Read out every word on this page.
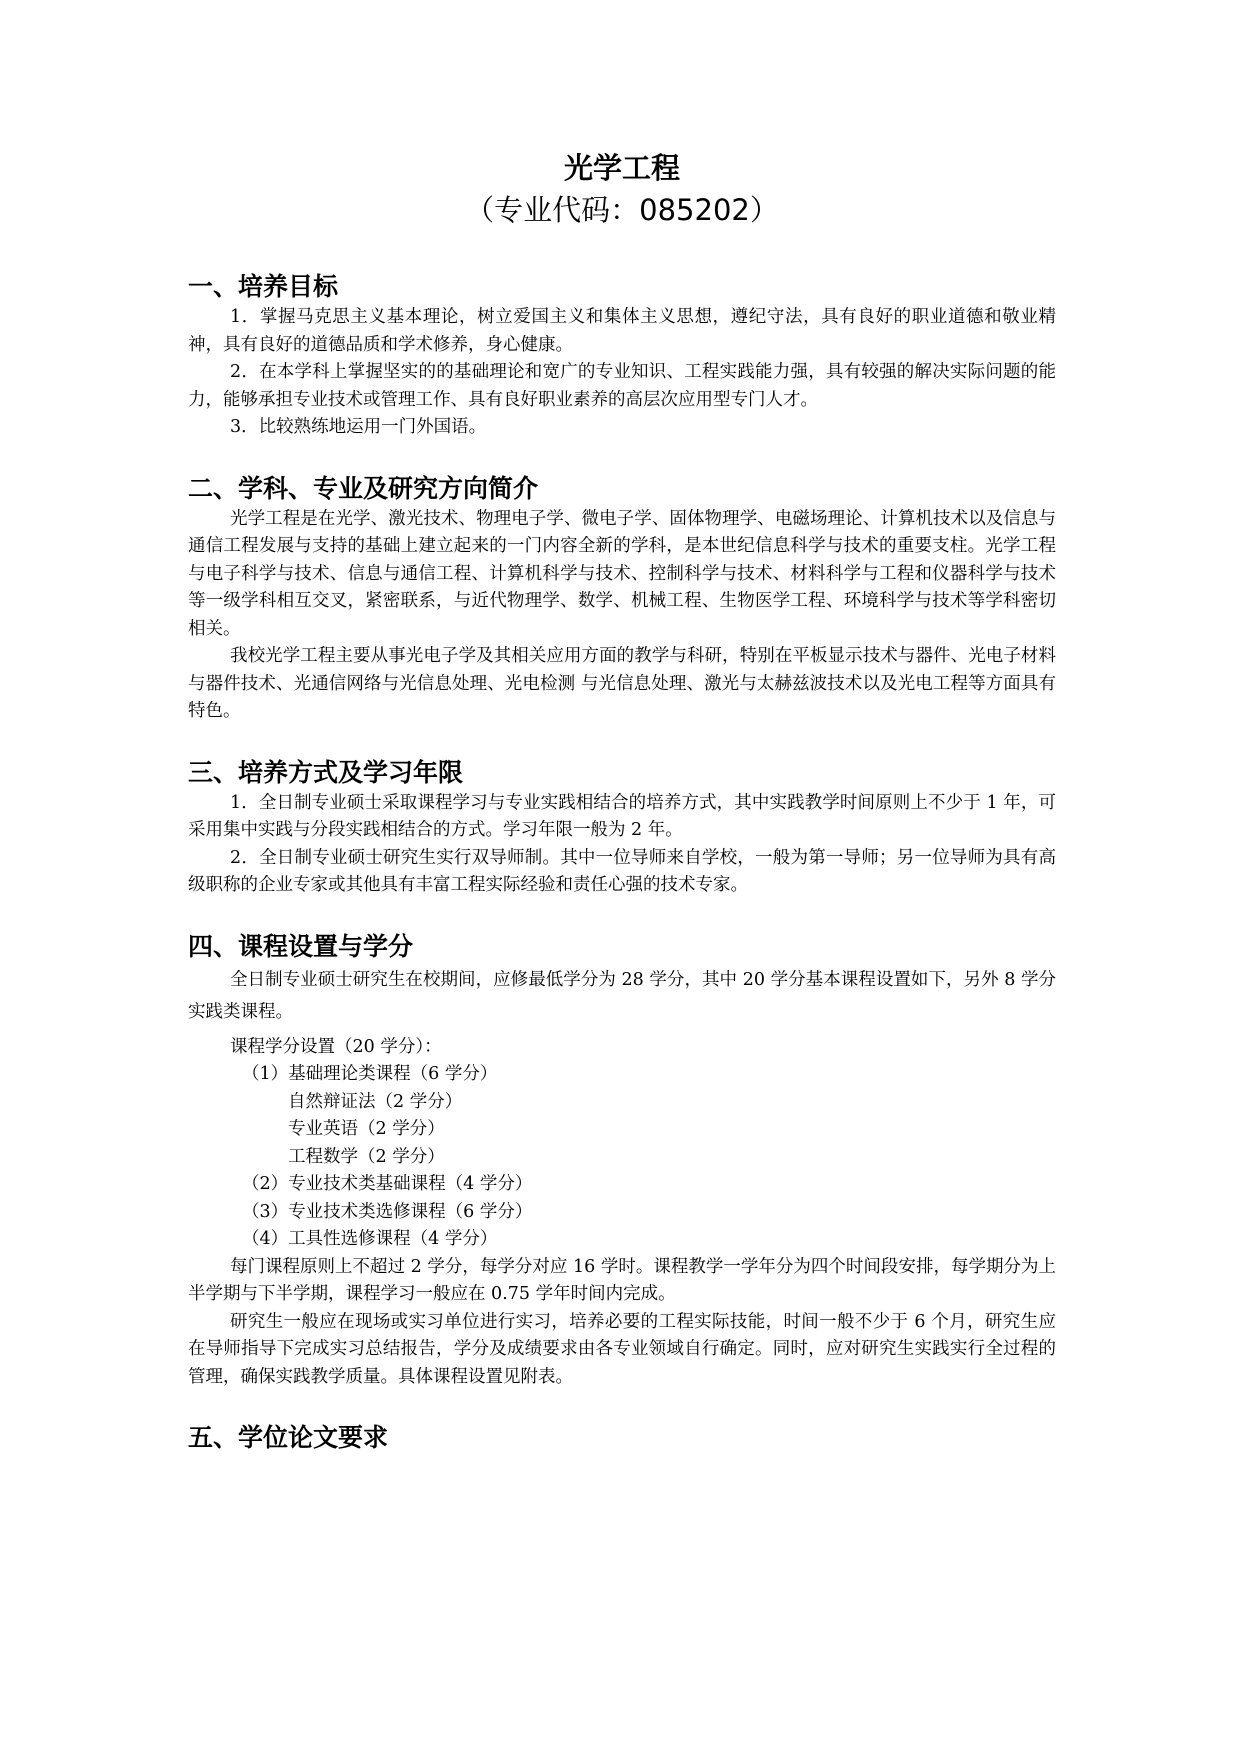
光学工程
（专业代码：085202）
一、培养目标

1．掌握马克思主义基本理论，树立爱国主义和集体主义思想，遵纪守法，具有良好的职业道德和敬业精神，具有良好的道德品质和学术修养，身心健康。

2．在本学科上掌握坚实的的基础理论和宽广的专业知识、工程实践能力强，具有较强的解决实际问题的能力，能够承担专业技术或管理工作、具有良好职业素养的高层次应用型专门人才。

3．比较熟练地运用一门外国语。

二、学科、专业及研究方向简介

光学工程是在光学、激光技术、物理电子学、微电子学、固体物理学、电磁场理论、计算机技术以及信息与通信工程发展与支持的基础上建立起来的一门内容全新的学科，是本世纪信息科学与技术的重要支柱。光学工程与电子科学与技术、信息与通信工程、计算机科学与技术、控制科学与技术、材料科学与工程和仪器科学与技术等一级学科相互交叉，紧密联系，与近代物理学、数学、机械工程、生物医学工程、环境科学与技术等学科密切相关。

我校光学工程主要从事光电子学及其相关应用方面的教学与科研，特别在平板显示技术与器件、光电子材料与器件技术、光通信网络与光信息处理、光电检测 与光信息处理、激光与太赫兹波技术以及光电工程等方面具有特色。

三、培养方式及学习年限

1．全日制专业硕士采取课程学习与专业实践相结合的培养方式，其中实践教学时间原则上不少于 1 年，可采用集中实践与分段实践相结合的方式。学习年限一般为 2 年。

2．全日制专业硕士研究生实行双导师制。其中一位导师来自学校，一般为第一导师；另一位导师为具有高级职称的企业专家或其他具有丰富工程实际经验和责任心强的技术专家。

四、课程设置与学分

全日制专业硕士研究生在校期间，应修最低学分为 28 学分，其中 20 学分基本课程设置如下，另外 8 学分实践类课程。

课程学分设置（20 学分）：
（1）基础理论类课程（6 学分）
自然辩证法（2 学分）
专业英语（2 学分）
工程数学（2 学分）
（2）专业技术类基础课程（4 学分）
（3）专业技术类选修课程（6 学分）
（4）工具性选修课程（4 学分）

每门课程原则上不超过 2 学分，每学分对应 16 学时。课程教学一学年分为四个时间段安排，每学期分为上半学期与下半学期，课程学习一般应在 0.75 学年时间内完成。

研究生一般应在现场或实习单位进行实习，培养必要的工程实际技能，时间一般不少于 6 个月，研究生应在导师指导下完成实习总结报告，学分及成绩要求由各专业领域自行确定。同时，应对研究生实践实行全过程的管理，确保实践教学质量。具体课程设置见附表。

五、学位论文要求
